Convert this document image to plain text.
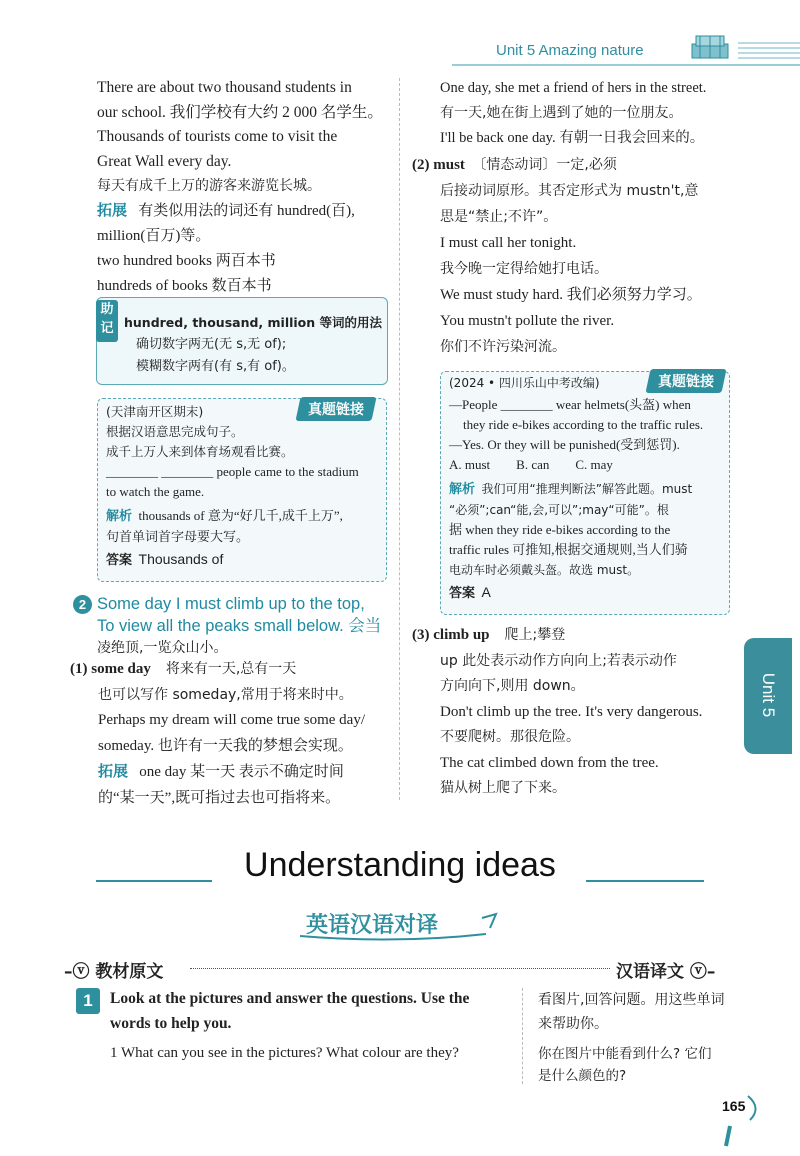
Unit 5 Amazing nature
There are about two thousand students in
our school. 我们学校有大约 2 000 名学生。
Thousands of tourists come to visit the
Great Wall every day.
每天有成千上万的游客来游览长城。
拓展 有类似用法的词还有 hundred(百),
million(百万)等。
two hundred books 两百本书
hundreds of books 数百本书
助记 hundred, thousand, million 等词的用法
确切数字两无(无 s,无 of);
模糊数字两有(有 s,有 of)。
真题链接
(天津南开区期末)
根据汉语意思完成句子。
成千上万人来到体育场观看比赛。
________ ________ people came to the stadium
to watch the game.
解析 thousands of 意为“好几千,成千上万”,
句首单词首字母要大写。
答案 Thousands of
2 Some day I must climb up to the top,
To view all the peaks small below. 会当
凌绝顶,一览众山小。
(1) some day 将来有一天,总有一天
也可以写作 someday,常用于将来时中。
Perhaps my dream will come true some day/
someday. 也许有一天我的梦想会实现。
拓展 one day 某一天 表示不确定时间
的“某一天”,既可指过去也可指将来。
One day, she met a friend of hers in the street.
有一天,她在街上遇到了她的一位朋友。
I'll be back one day. 有朝一日我会回来的。
(2) must 〔情态动词〕一定,必须
后接动词原形。其否定形式为 mustn't,意
思是“禁止;不许”。
I must call her tonight.
我今晚一定得给她打电话。
We must study hard. 我们必须努力学习。
You mustn't pollute the river.
你们不许污染河流。
真题链接
(2024 • 四川乐山中考改编)
—People ________ wear helmets(头盔) when
they ride e-bikes according to the traffic rules.
—Yes. Or they will be punished(受到惩罚).
A. must        B. can        C. may
解析 我们可用“推理判断法”解答此题。must
“必须”;can“能,会,可以”;may“可能”。根
据 when they ride e-bikes according to the
traffic rules 可推知,根据交通规则,当人们骑
电动车时必须戴头盔。故选 must。
答案 A
(3) climb up 爬上;攀登
up 此处表示动作方向向上;若表示动作
方向向下,则用 down。
Don't climb up the tree. It's very dangerous.
不要爬树。那很危险。
The cat climbed down from the tree.
猫从树上爬了下来。
Unit 5
Understanding ideas
英语汉语对译
–ⓥ 教材原文	汉语译文 ⓥ–
1	Look at the pictures and answer the questions. Use the
words to help you.
看图片,回答问题。用这些单词
来帮助你。
1 What can you see in the pictures? What colour are they?	你在图片中能看到什么? 它们
是什么颜色的?
165
